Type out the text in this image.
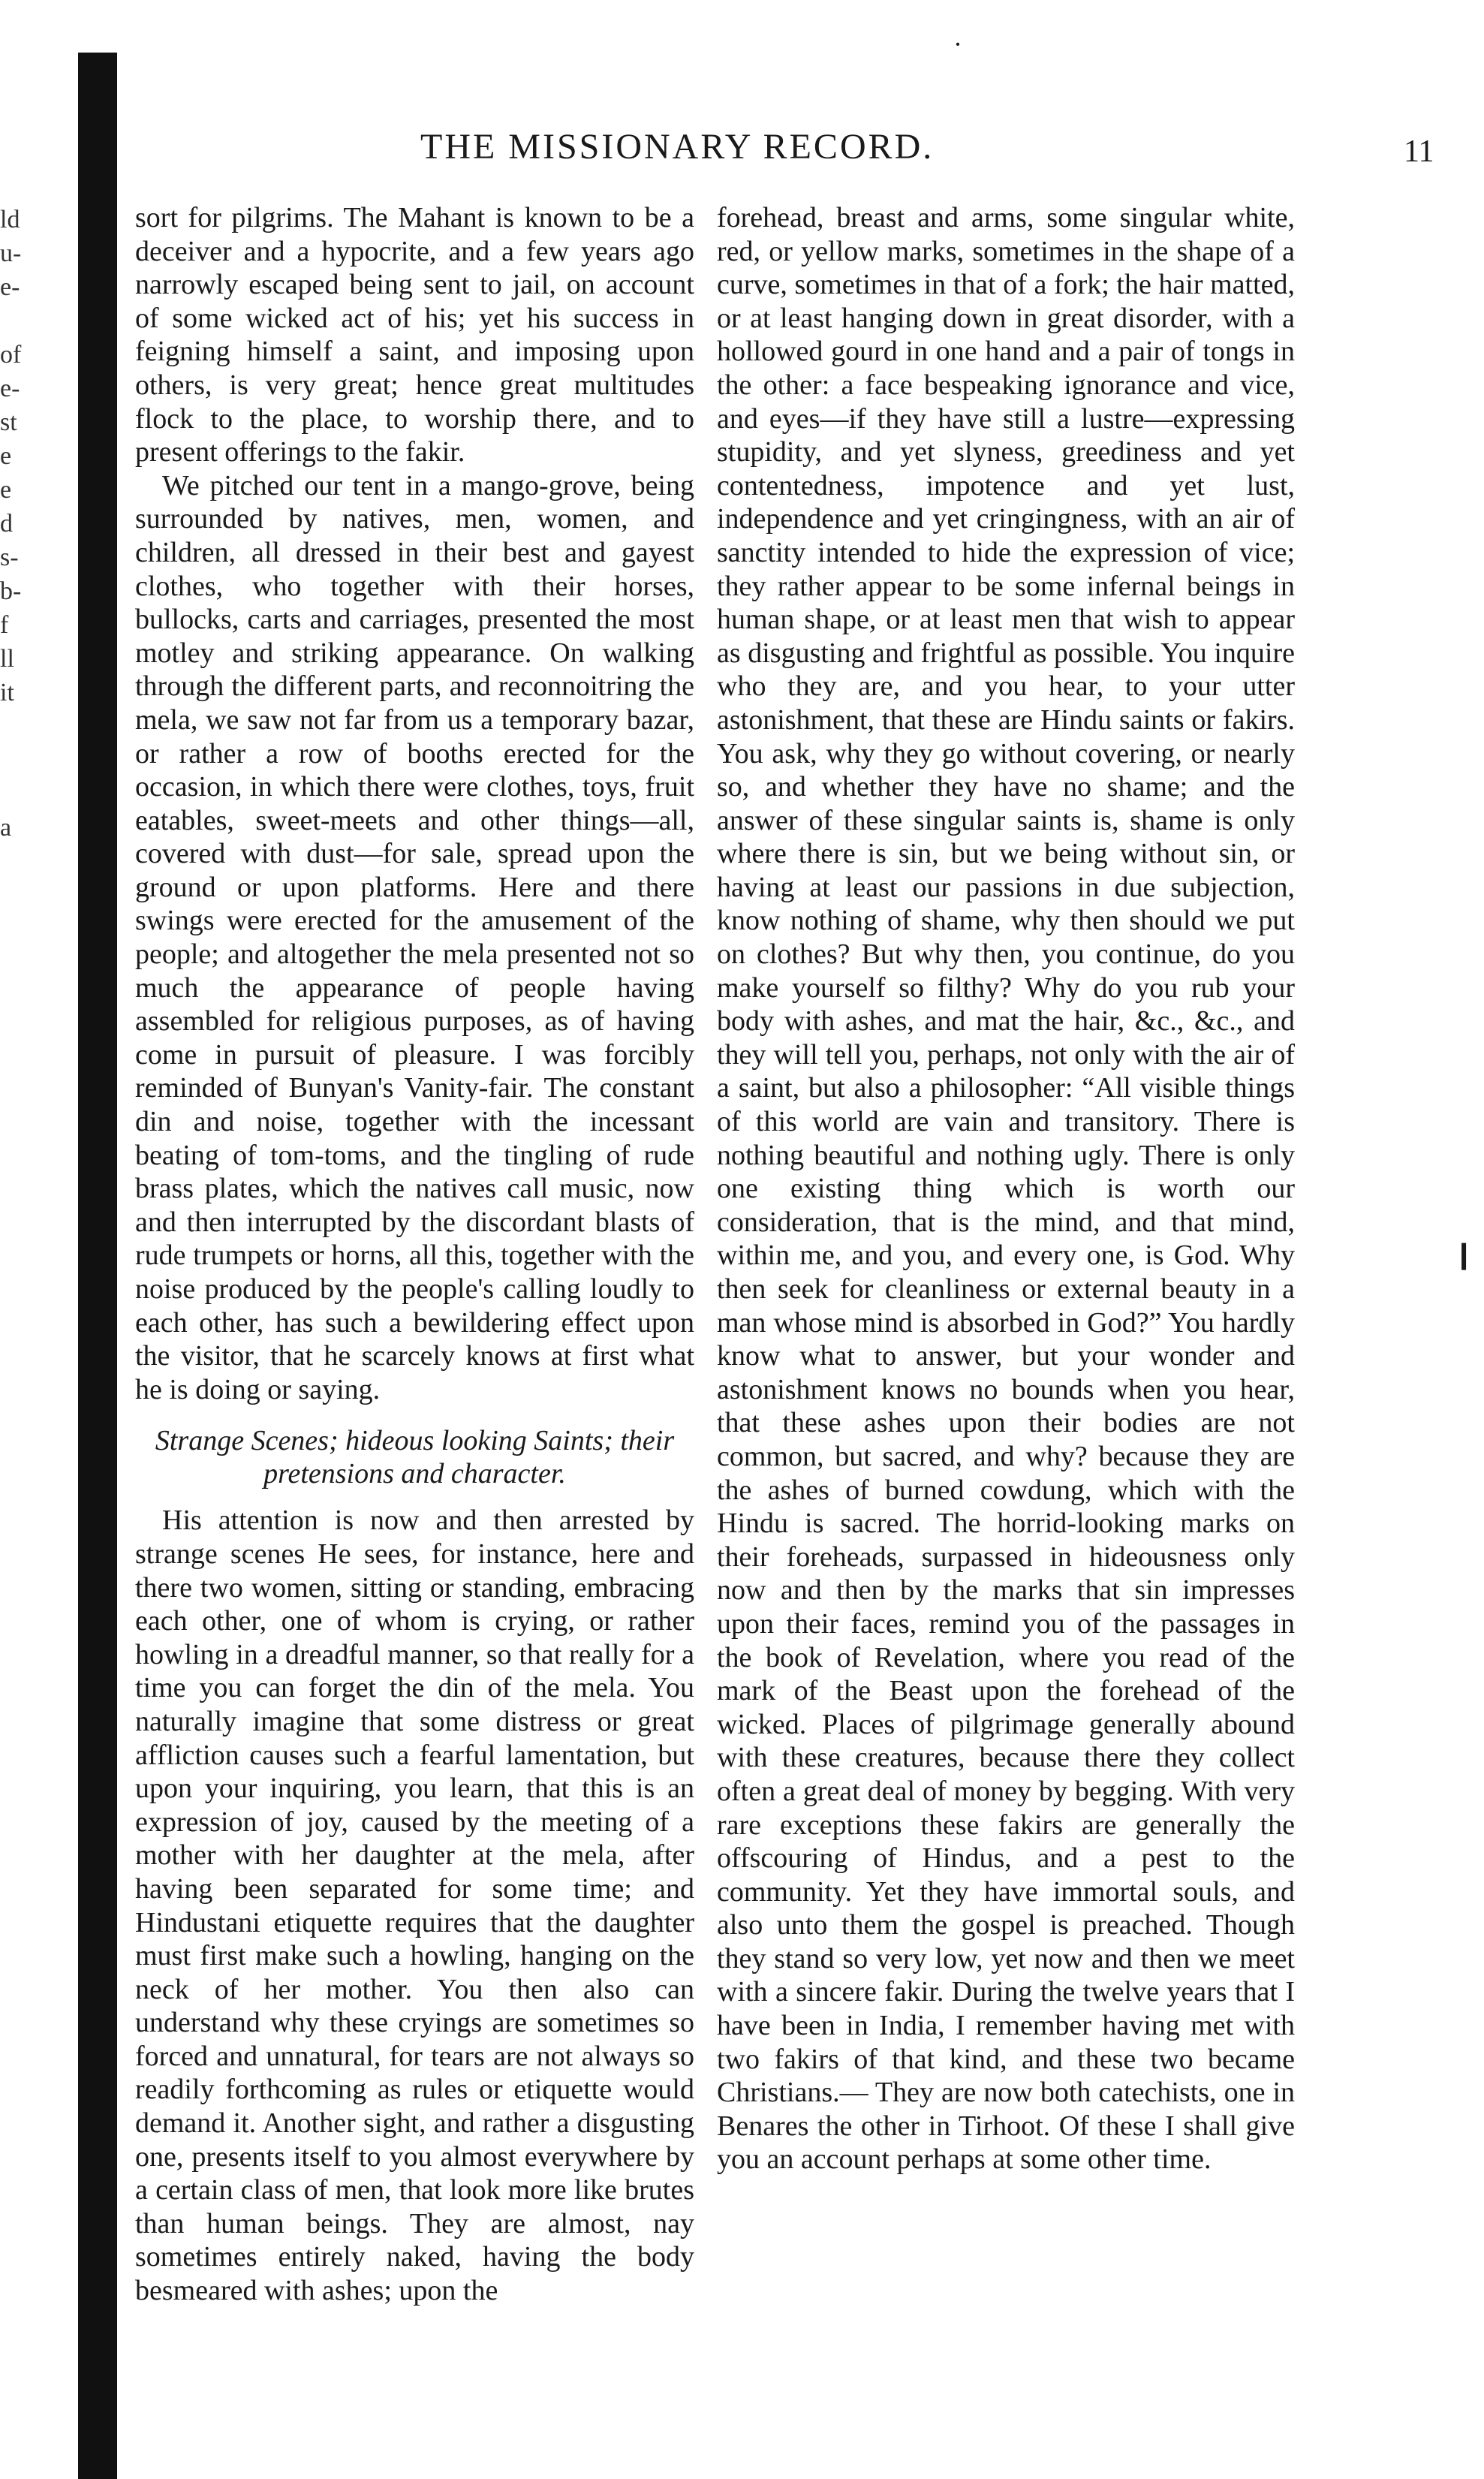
ld
u-
e-

of
e-
st
e
e
d
s-
b-
f
ll
it

a
THE MISSIONARY RECORD.	11

sort for pilgrims. The Mahant is known to be a deceiver and a hypocrite, and a few years ago narrowly escaped being sent to jail, on account of some wicked act of his; yet his success in feigning himself a saint, and imposing upon others, is very great; hence great multitudes flock to the place, to worship there, and to present offerings to the fakir.

We pitched our tent in a mango-grove, being surrounded by natives, men, women, and children, all dressed in their best and gayest clothes, who together with their horses, bullocks, carts and carriages, presented the most motley and striking appearance. On walking through the different parts, and reconnoitring the mela, we saw not far from us a temporary bazar, or rather a row of booths erected for the occasion, in which there were clothes, toys, fruit eatables, sweet-meets and other things—all, covered with dust—for sale, spread upon the ground or upon platforms. Here and there swings were erected for the amusement of the people; and altogether the mela presented not so much the appearance of people having assembled for religious purposes, as of having come in pursuit of pleasure. I was forcibly reminded of Bunyan's Vanity-fair. The constant din and noise, together with the incessant beating of tom-toms, and the tingling of rude brass plates, which the natives call music, now and then interrupted by the discordant blasts of rude trumpets or horns, all this, together with the noise produced by the people's calling loudly to each other, has such a bewildering effect upon the visitor, that he scarcely knows at first what he is doing or saying.

Strange Scenes; hideous looking Saints; their pretensions and character.

His attention is now and then arrested by strange scenes He sees, for instance, here and there two women, sitting or standing, embracing each other, one of whom is crying, or rather howling in a dreadful manner, so that really for a time you can forget the din of the mela. You naturally imagine that some distress or great affliction causes such a fearful lamentation, but upon your inquiring, you learn, that this is an expression of joy, caused by the meeting of a mother with her daughter at the mela, after having been separated for some time; and Hindustani etiquette requires that the daughter must first make such a howling, hanging on the neck of her mother. You then also can understand why these cryings are sometimes so forced and unnatural, for tears are not always so readily forthcoming as rules or etiquette would demand it. Another sight, and rather a disgusting one, presents itself to you almost everywhere by a certain class of men, that look more like brutes than human beings. They are almost, nay sometimes entirely naked, having the body besmeared with ashes; upon the

forehead, breast and arms, some singular white, red, or yellow marks, sometimes in the shape of a curve, sometimes in that of a fork; the hair matted, or at least hanging down in great disorder, with a hollowed gourd in one hand and a pair of tongs in the other: a face bespeaking ignorance and vice, and eyes—if they have still a lustre—expressing stupidity, and yet slyness, greediness and yet contentedness, impotence and yet lust, independence and yet cringingness, with an air of sanctity intended to hide the expression of vice; they rather appear to be some infernal beings in human shape, or at least men that wish to appear as disgusting and frightful as possible. You inquire who they are, and you hear, to your utter astonishment, that these are Hindu saints or fakirs. You ask, why they go without covering, or nearly so, and whether they have no shame; and the answer of these singular saints is, shame is only where there is sin, but we being without sin, or having at least our passions in due subjection, know nothing of shame, why then should we put on clothes? But why then, you continue, do you make yourself so filthy? Why do you rub your body with ashes, and mat the hair, &c., &c., and they will tell you, perhaps, not only with the air of a saint, but also a philosopher: “All visible things of this world are vain and transitory. There is nothing beautiful and nothing ugly. There is only one existing thing which is worth our consideration, that is the mind, and that mind, within me, and you, and every one, is God. Why then seek for cleanliness or external beauty in a man whose mind is absorbed in God?” You hardly know what to answer, but your wonder and astonishment knows no bounds when you hear, that these ashes upon their bodies are not common, but sacred, and why? because they are the ashes of burned cowdung, which with the Hindu is sacred. The horrid-looking marks on their foreheads, surpassed in hideousness only now and then by the marks that sin impresses upon their faces, remind you of the passages in the book of Revelation, where you read of the mark of the Beast upon the forehead of the wicked. Places of pilgrimage generally abound with these creatures, because there they collect often a great deal of money by begging. With very rare exceptions these fakirs are generally the offscouring of Hindus, and a pest to the community. Yet they have immortal souls, and also unto them the gospel is preached. Though they stand so very low, yet now and then we meet with a sincere fakir. During the twelve years that I have been in India, I remember having met with two fakirs of that kind, and these two became Christians.— They are now both catechists, one in Benares the other in Tirhoot. Of these I shall give you an account perhaps at some other time.

·
❙
